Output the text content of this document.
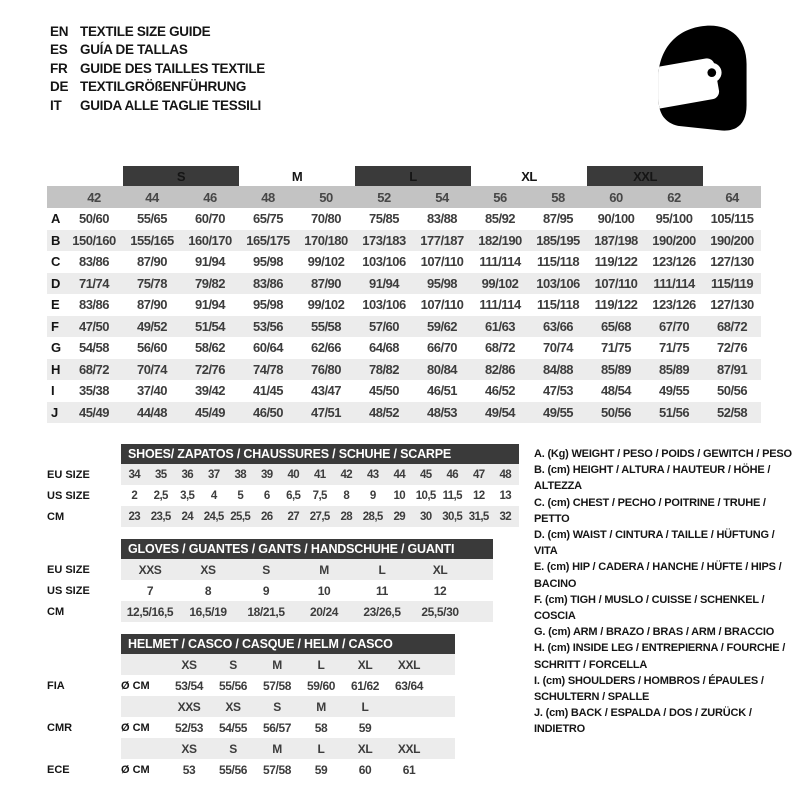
EN TEXTILE SIZE GUIDE
ES GUÍA DE TALLAS
FR GUIDE DES TAILLES TEXTILE
DE TEXTILGRÖßENFÜHRUNG
IT	GUIDA ALLE TAGLIE TESSILI
		S		M		L		XL		XXL		
	42	44	46	48	50	52	54	56	58	60	62	64
A	50/60	55/65	60/70	65/75	70/80	75/85	83/88	85/92	87/95	90/100	95/100	105/115
B	150/160	155/165	160/170	165/175	170/180	173/183	177/187	182/190	185/195	187/198	190/200	190/200
C	83/86	87/90	91/94	95/98	99/102	103/106	107/110	111/114	115/118	119/122	123/126	127/130
D	71/74	75/78	79/82	83/86	87/90	91/94	95/98	99/102	103/106	107/110	111/114	115/119
E	83/86	87/90	91/94	95/98	99/102	103/106	107/110	111/114	115/118	119/122	123/126	127/130
F	47/50	49/52	51/54	53/56	55/58	57/60	59/62	61/63	63/66	65/68	67/70	68/72
G	54/58	56/60	58/62	60/64	62/66	64/68	66/70	68/72	70/74	71/75	71/75	72/76
H	68/72	70/74	72/76	74/78	76/80	78/82	80/84	82/86	84/88	85/89	85/89	87/91
I	35/38	37/40	39/42	41/45	43/47	45/50	46/51	46/52	47/53	48/54	49/55	50/56
J	45/49	44/48	45/49	46/50	47/51	48/52	48/53	49/54	49/55	50/56	51/56	52/58

	SHOES/ ZAPATOS / CHAUSSURES / SCHUHE / SCARPE														

EU SIZE	34	35	36	37	38	39	40	41	42	43	44	45	46	47	48
US SIZE	2	2,5	3,5	4	5	6	6,5	7,5	8	9	10	10,5	11,5	12	13
CM	23	23,5	24	24,5	25,5	26	27	27,5	28	28,5	29	30	30,5	31,5	32

	GLOVES / GUANTES / GANTS / HANDSCHUHE / GUANTI						

EU SIZE	XXS	XS	S	M	L	XL	
US SIZE	7	8	9	10	11	12	
CM	12,5/16,5	16,5/19	18/21,5	20/24	23/26,5	25,5/30	

	HELMET / CASCO / CASQUE / HELM / CASCO							

		XS	S	M	L	XL	XXL	
FIA	Ø CM	53/54	55/56	57/58	59/60	61/62	63/64	
		XXS	XS	S	M	L		
CMR	Ø CM	52/53	54/55	56/57	58	59		
		XS	S	M	L	XL	XXL	
ECE	Ø CM	53	55/56	57/58	59	60	61	
A. (Kg) WEIGHT / PESO / POIDS / GEWITCH / PESO
B. (cm) HEIGHT / ALTURA / HAUTEUR / HÖHE / ALTEZZA
C. (cm) CHEST / PECHO / POITRINE / TRUHE / PETTO
D. (cm) WAIST / CINTURA / TAILLE / HÜFTUNG / VITA
E. (cm) HIP / CADERA / HANCHE / HÜFTE / HIPS / BACINO
F. (cm) TIGH / MUSLO / CUISSE / SCHENKEL / COSCIA
G. (cm) ARM / BRAZO / BRAS / ARM / BRACCIO
H. (cm) INSIDE LEG / ENTREPIERNA / FOURCHE / SCHRITT / FORCELLA
I. (cm) SHOULDERS / HOMBROS / ÉPAULES / SCHULTERN / SPALLE
J. (cm) BACK / ESPALDA / DOS / ZURÜCK / INDIETRO
